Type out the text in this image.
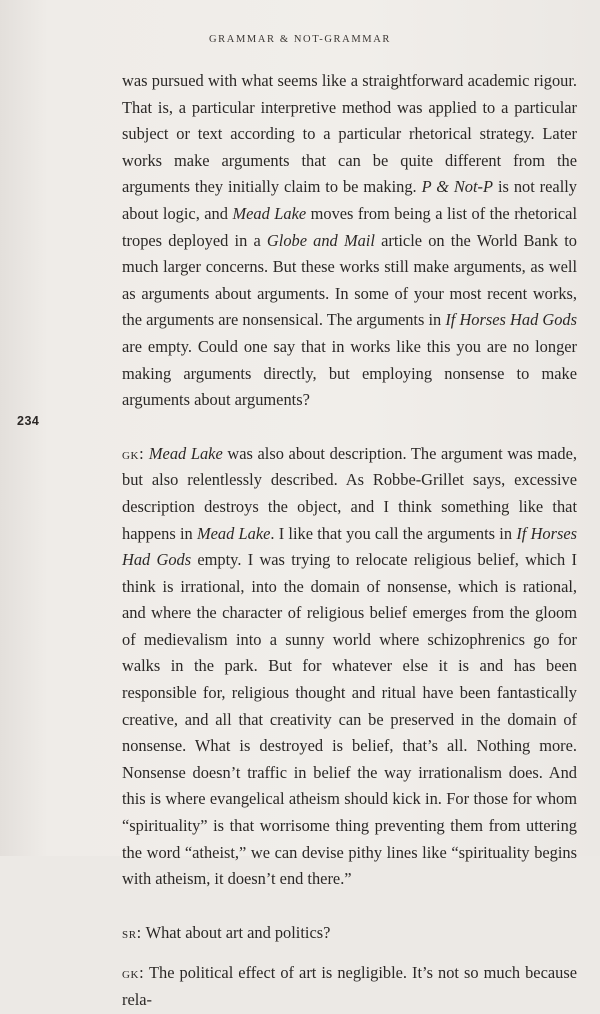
GRAMMAR & NOT-GRAMMAR
234

was pursued with what seems like a straightforward academic rigour. That is, a particular interpretive method was applied to a particular subject or text according to a particular rhetorical strategy. Later works make arguments that can be quite different from the arguments they initially claim to be making. P & Not-P is not really about logic, and Mead Lake moves from being a list of the rhetorical tropes deployed in a Globe and Mail article on the World Bank to much larger concerns. But these works still make arguments, as well as arguments about arguments. In some of your most recent works, the arguments are nonsensical. The arguments in If Horses Had Gods are empty. Could one say that in works like this you are no longer making arguments directly, but employing nonsense to make arguments about arguments?

gk: Mead Lake was also about description. The argument was made, but also relentlessly described. As Robbe-Grillet says, excessive description destroys the object, and I think something like that happens in Mead Lake. I like that you call the arguments in If Horses Had Gods empty. I was trying to relocate religious belief, which I think is irrational, into the domain of nonsense, which is rational, and where the character of religious belief emerges from the gloom of medievalism into a sunny world where schizophrenics go for walks in the park. But for whatever else it is and has been responsible for, religious thought and ritual have been fantastically creative, and all that creativity can be preserved in the domain of nonsense. What is destroyed is belief, that’s all. Nothing more. Nonsense doesn’t traffic in belief the way irrationalism does. And this is where evangelical atheism should kick in. For those for whom “spirituality” is that worrisome thing preventing them from uttering the word “atheist,” we can devise pithy lines like “spirituality begins with atheism, it doesn’t end there.”

sr: What about art and politics?

gk: The political effect of art is negligible. It’s not so much because rela-
